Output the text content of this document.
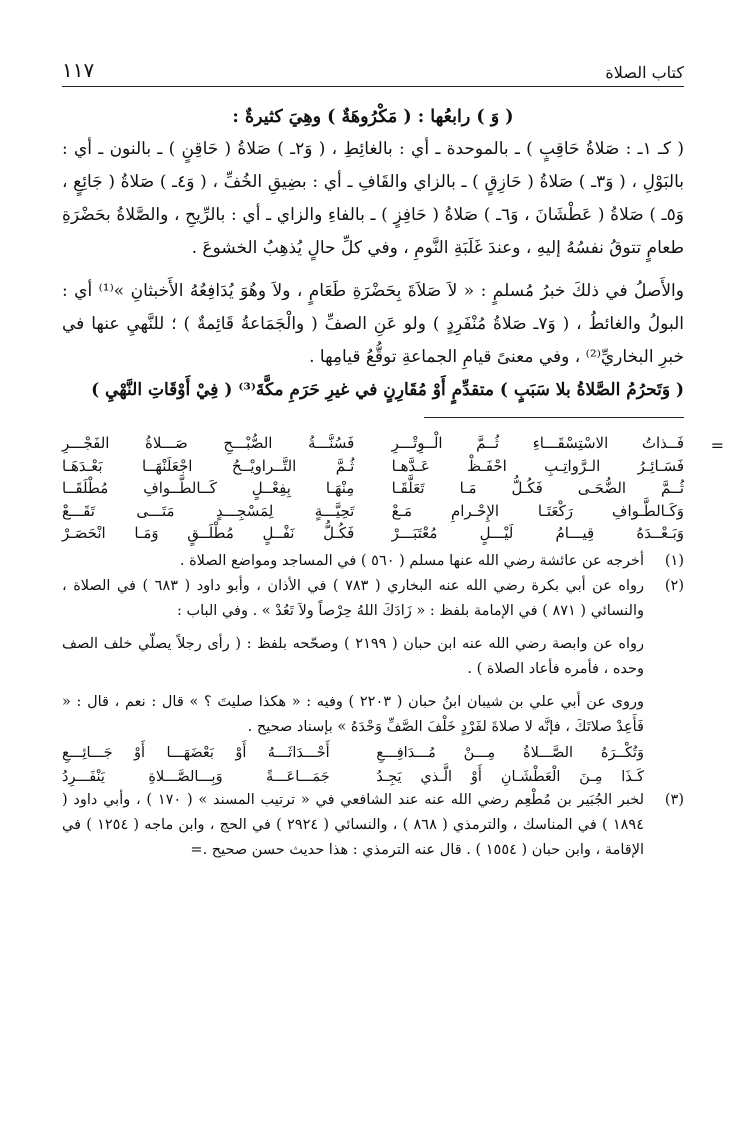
كتاب الصلاة
١١٧
( وَ ) رابعُها : ( مَكْرُوهَةٌ ) وهِيَ كثيرةٌ :

( كـ ١ـ : صَلاةُ حَاقِبٍ ) ـ بالموحدة ـ أي : بالغائِطِ ، ( وَ٢ـ ) صَلاةُ ( حَاقِنٍ ) ـ بالنون ـ أي : بالبَوْلِ ، ( وَ٣ـ ) صَلاةُ ( حَازِقٍ ) ـ بالزاي والقَافِ ـ أي : بضِيقِ الخُفِّ ، ( وَ٤ـ ) صَلاةُ ( جَائِعٍ ، وَ٥ـ ) صَلاةُ ( عَطْشَانَ ، وَ٦ـ ) صَلاةُ ( حَافِزٍ ) ـ بالفاءِ والزاي ـ أي : بالرِّيحِ ، والصَّلاةُ بحَضْرَةِ طعامٍ تتوقُ نفسُهُ إليهِ ، وعندَ غَلَبَةِ النَّومِ ، وفي كلِّ حالٍ يُذهِبُ الخشوعَ .

والأَصلُ في ذلكَ خبرُ مُسلمٍ : « لاَ صَلاَةَ بِحَضْرَةِ طَعَامٍ ، ولاَ وهُوَ يُدَافِعُهُ الأَخبثانِ »⁽¹⁾ أي : البولُ والغائطُ ، ( وَ٧ـ صَلاةُ مُنْفَرِدٍ ) ولو عَنِ الصفِّ ( والْجَمَاعةُ قَائِمةٌ ) ؛ للنَّهيِ عنها في خبرِ البخاريِّ⁽²⁾ ، وفي معنىً قيامِ الجماعةِ توقُّعُ قيامِها .

( وَتَحرُمُ الصَّلاةُ بلا سَبَبٍ ) متقدِّمٍ أَوْ مُقَارِنٍ في غيرِ حَرَمِ مكَّةَ⁽³⁾ ( فِيْ أَوْقَاتِ النَّهْيِ )

=
فَــذاتُ الاسْتِسْقَـــاءِ ثُــمَّ الْــوِتْـــرِ
فَسُنَّـــةُ الصُّبْـــحِ صَـــلاةُ الفَجْـــرِ
فَسَـائِـرُ الـرَّواتِـبِ احْفَـظْ عَـدَّهـا
ثُـمَّ التَّــراويْــحُ اجْعَلَنْهَــا بَعْـدَهَـا
ثُــمَّ الضُّحَـى فَكُـلُّ مَـا تَعَلَّقَـا
مِنْهَـا بِفِعْــلٍ كَــالطَّــوافِ مُطْلَقَــا
وَكَـالطَّـوافِ رَكْعَتَـا الإِحْـرامِ مَـعْ
تَحِيَّـــةٍ لِمَسْجِـــدٍ مَتَـــى تَقَـــعْ
وَبَـعْــدَهُ قِيـــامُ لَيْـــلٍ مُعْتَبَـــرْ
فَكُـلُّ نَفْــلٍ مُطْلَــقٍ وَمَـا انْحَصَـرْ
(١)
أخرجه عن عائشة رضي الله عنها مسلم ( ٥٦٠ ) في المساجد ومواضع الصلاة .
(٢)
رواه عن أبي بكرة رضي الله عنه البخاري ( ٧٨٣ ) في الأذان ، وأبو داود ( ٦٨٣ ) في الصلاة ، والنسائي ( ٨٧١ ) في الإمامة بلفظ : « زَادَكَ اللهُ حِرْصاً ولاَ تَعُدْ » . وفي الباب :
رواه عن وابصة رضي الله عنه ابن حبان ( ٢١٩٩ ) وصحّحه بلفظ : ( رأى رجلاً يصلّي خلف الصف وحده ، فأمره فأعاد الصلاة ) .
وروى عن أبي علي بن شيبان ابنُ حبان ( ٢٢٠٣ ) وفيه : « هكذا صليتَ ؟ » قال : نعم ، قال : « فَأَعِدْ صلاتَكَ ، فإنَّه لا صلاةَ لفَرْدٍ خَلْفَ الصَّفِّ وَحْدَهُ » بإسناد صحيح .
وَتُكْــرَهُ الصَّـــلاةُ مِـــنْ مُـــدَافِـــعِ
أَحْـــدَاثَـــهُ أَوْ بَعْضَهَـــا أَوْ جَـــائِـــعِ
كَـذَا مِـنَ الْعَطْشَـانِ أَوْ الَّـذي يَجِـدُ
جَمَـــاعَـــةً وَبِـــالصَّـــلاةِ يَنْفَـــرِدُ
(٣)
لخبر الجُبَير بن مُطْعِم رضي الله عنه عند الشافعي في « ترتيب المسند » ( ١٧٠ ) ، وأبي داود ( ١٨٩٤ ) في المناسك ، والترمذي ( ٨٦٨ ) ، والنسائي ( ٢٩٢٤ ) في الحج ، وابن ماجه ( ١٢٥٤ ) في الإقامة ، وابن حبان ( ١٥٥٤ ) . قال عنه الترمذي : هذا حديث حسن صحيح .=
